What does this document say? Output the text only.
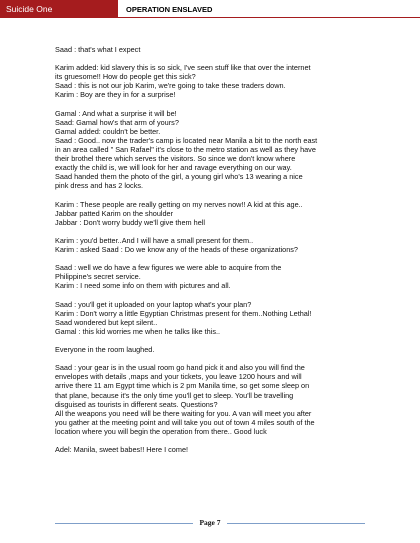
Suicide One	OPERATION ENSLAVED

Saad : that's what I expect

Karim added: kid slavery this is so sick, I've seen stuff like that over the internet
its gruesome!! How do people get this sick?
Saad : this is not our job Karim, we're going to take these traders down.
Karim : Boy are they in for a surprise!

Gamal : And what a surprise it will be!
Saad: Gamal how's that arm of yours?
Gamal added: couldn't be better.
Saad : Good.. now the trader's camp is located near Manila a bit to the north east
in an area called " San Rafael" it's close to the metro station as well as they have
their brothel there which serves the visitors. So since we don't know where
exactly the child is, we will look for her and ravage everything on our way.
Saad handed them the photo of the girl, a young girl who's 13 wearing a nice
pink dress and has 2 locks.

Karim : These people are really getting on my nerves now!! A kid at this age..
Jabbar patted Karim on the shoulder
Jabbar : Don't worry buddy we'll give them hell

Karim : you'd better..And I will have a small present for them..
Karim : asked Saad : Do we know any of the heads of these organizations?

Saad : well we do have a few figures we were able to acquire from the
Philippine's secret service.
Karim : I need some info on them with pictures and all.

Saad : you'll get it uploaded on your laptop what's your plan?
Karim : Don't worry a little Egyptian Christmas present for them..Nothing Lethal!
Saad wondered but kept silent..
Gamal : this kid worries me when he talks like this..

Everyone in the room laughed.

Saad : your gear is in the usual room go hand pick it and also you will find the
envelopes with details ,maps and your tickets, you leave 1200 hours and will
arrive there 11 am Egypt time which is 2 pm Manila time, so get some sleep on
that plane, because it's the only time you'll get to sleep. You'll be travelling
disguised as tourists in different seats. Questions?
All the weapons you need will be there waiting for you. A van will meet you after
you gather at the meeting point and will take you out of town 4 miles south of the
location where you will begin the operation from there.. Good luck

Adel: Manila, sweet babes!! Here I come!

Page 7
